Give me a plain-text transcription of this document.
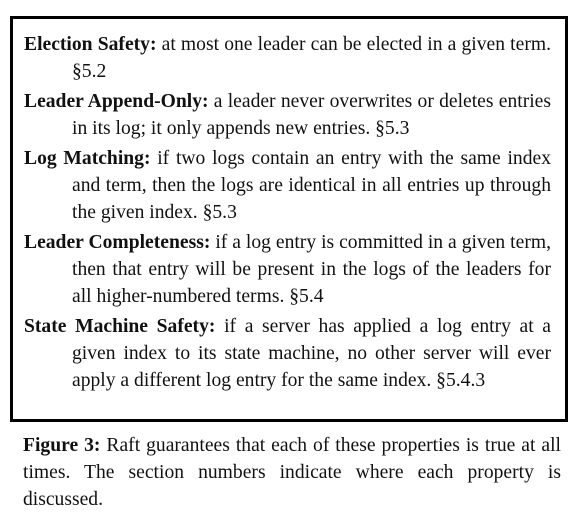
Election Safety: at most one leader can be elected in a given term. §5.2

Leader Append-Only: a leader never overwrites or deletes entries in its log; it only appends new entries. §5.3

Log Matching: if two logs contain an entry with the same index and term, then the logs are identical in all entries up through the given index. §5.3

Leader Completeness: if a log entry is committed in a given term, then that entry will be present in the logs of the leaders for all higher-numbered terms. §5.4

State Machine Safety: if a server has applied a log entry at a given index to its state machine, no other server will ever apply a different log entry for the same index. §5.4.3

Figure 3: Raft guarantees that each of these properties is true at all times. The section numbers indicate where each property is discussed.
